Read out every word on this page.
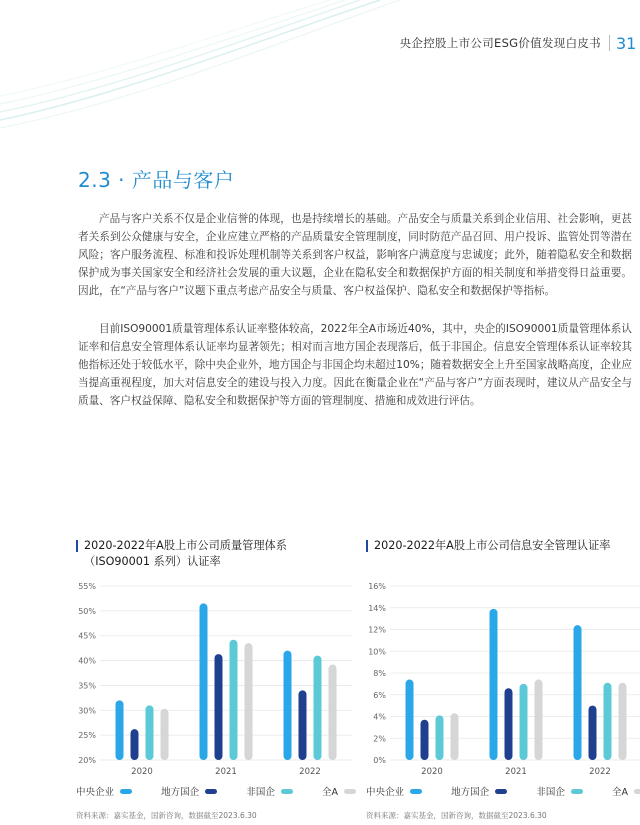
央企控股上市公司ESG价值发现白皮书 31
2.3 · 产品与客户

产品与客户关系不仅是企业信誉的体现，也是持续增长的基础。产品安全与质量关系到企业信用、社会影响，更甚者关系到公众健康与安全，企业应建立严格的产品质量安全管理制度，同时防范产品召回、用户投诉、监管处罚等潜在风险；客户服务流程、标准和投诉处理机制等关系到客户权益，影响客户满意度与忠诚度；此外，随着隐私安全和数据保护成为事关国家安全和经济社会发展的重大议题，企业在隐私安全和数据保护方面的相关制度和举措变得日益重要。因此，在“产品与客户”议题下重点考虑产品安全与质量、客户权益保护、隐私安全和数据保护等指标。

目前ISO90001质量管理体系认证率整体较高，2022年全A市场近40%，其中，央企的ISO90001质量管理体系认证率和信息安全管理体系认证率均显著领先；相对而言地方国企表现落后，低于非国企。信息安全管理体系认证率较其他指标还处于较低水平，除中央企业外，地方国企与非国企均未超过10%；随着数据安全上升至国家战略高度，企业应当提高重视程度，加大对信息安全的建设与投入力度。因此在衡量企业在“产品与客户”方面表现时，建议从产品安全与质量、客户权益保障、隐私安全和数据保护等方面的管理制度、措施和成效进行评估。

2020-2022年A股上市公司质量管理体系（ISO90001 系列）认证率
20%
25%
30%
35%
40%
45%
50%
55%
2020	2021	2022
中央企业	地方国企	非国企	全A
资料来源：嘉实基金，国新咨询，数据截至2023.6.30
2020-2022年A股上市公司信息安全管理认证率
0%
2%
4%
6%
8%
10%
12%
14%
16%
2020	2021	2022
中央企业	地方国企	非国企	全A
资料来源：嘉实基金，国新咨询，数据截至2023.6.30
